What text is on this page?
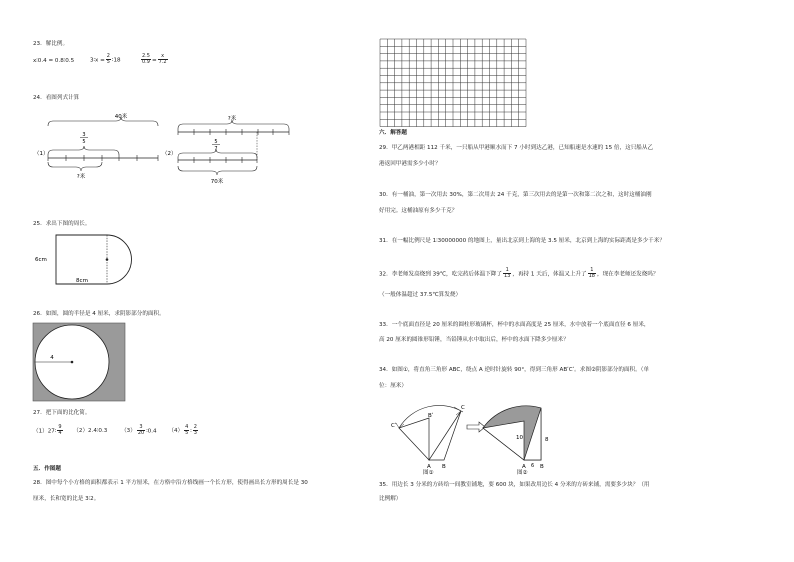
23．解比例。
x∶0.4 = 0.8∶0.5	3∶x = $\frac{2}{5}$ ∶18	$\frac{2.5}{0.9} = \frac{x}{7.2}$
24．看图列式计算
40米
3
5
（1）
?米
?米
5
7
（2）
70米
25．求出下图的周长。
6cm
8cm
26．如图，圆的半径是 4 厘米，求阴影部分的面积。
4
27．把下面的比化简。
（1）27∶ $\frac{9}{4}$ （2）2.4∶0.3 $(3) \frac{3}{20}$ ∶0.4 $(4) \frac{4}{5}$ ∶ $\frac{2}{3}$
五．作图题
28．图中每个小方格的面积都表示 1 平方厘米，在方格中沿方格线画一个长方形，使得画出长方形的周长是 30
厘米，长和宽的比是 3∶2。
六．解答题
29．甲乙两港相距 112 千米，一只船从甲港顺水而下 7 小时到达乙港，已知船速是水速的 15 倍，这只船从乙
港返回甲港需多少小时？
30．有一桶油，第一次用去 30%，第二次用去 24 千克，第三次用去的是第一次和第二次之和，这时这桶油刚
好用完。这桶油原有多少千克？
31．在一幅比例尺是 1∶30000000 的地图上，量出北京到上海的是 3.5 厘米，北京到上海的实际距离是多少千米？
32．李老师发高烧到 39℃，吃完药后体温下降了 $\frac{1}{13}$ ，再持 1 天后，体温又上升了 $\frac{1}{18}$ ，现在李老师还发烧吗？
（一般体温超过 37.5℃算发烧）
33．一个底面直径是 20 厘米的圆柱形玻璃杯，杯中的水面高度是 25 厘米，水中放着一个底面直径 6 厘米，
高 20 厘米的圆锥形铅锤，当铅锤从水中取出后，杯中的水面下降多少厘米？
34．如图①，将直角三角形 ABC，绕点 A 逆时针旋转 90°，得到三角形 ABʹCʹ。求图②阴影部分的面积。（单
位：厘米）
A B
C
Bʹ
Cʹ
图①
A	B
10	8
6
图②
35．用边长 3 分米的方砖给一间教室铺地，要 600 块，如果改用边长 4 分米的方砖来铺，需要多少块？（用
比例解）
